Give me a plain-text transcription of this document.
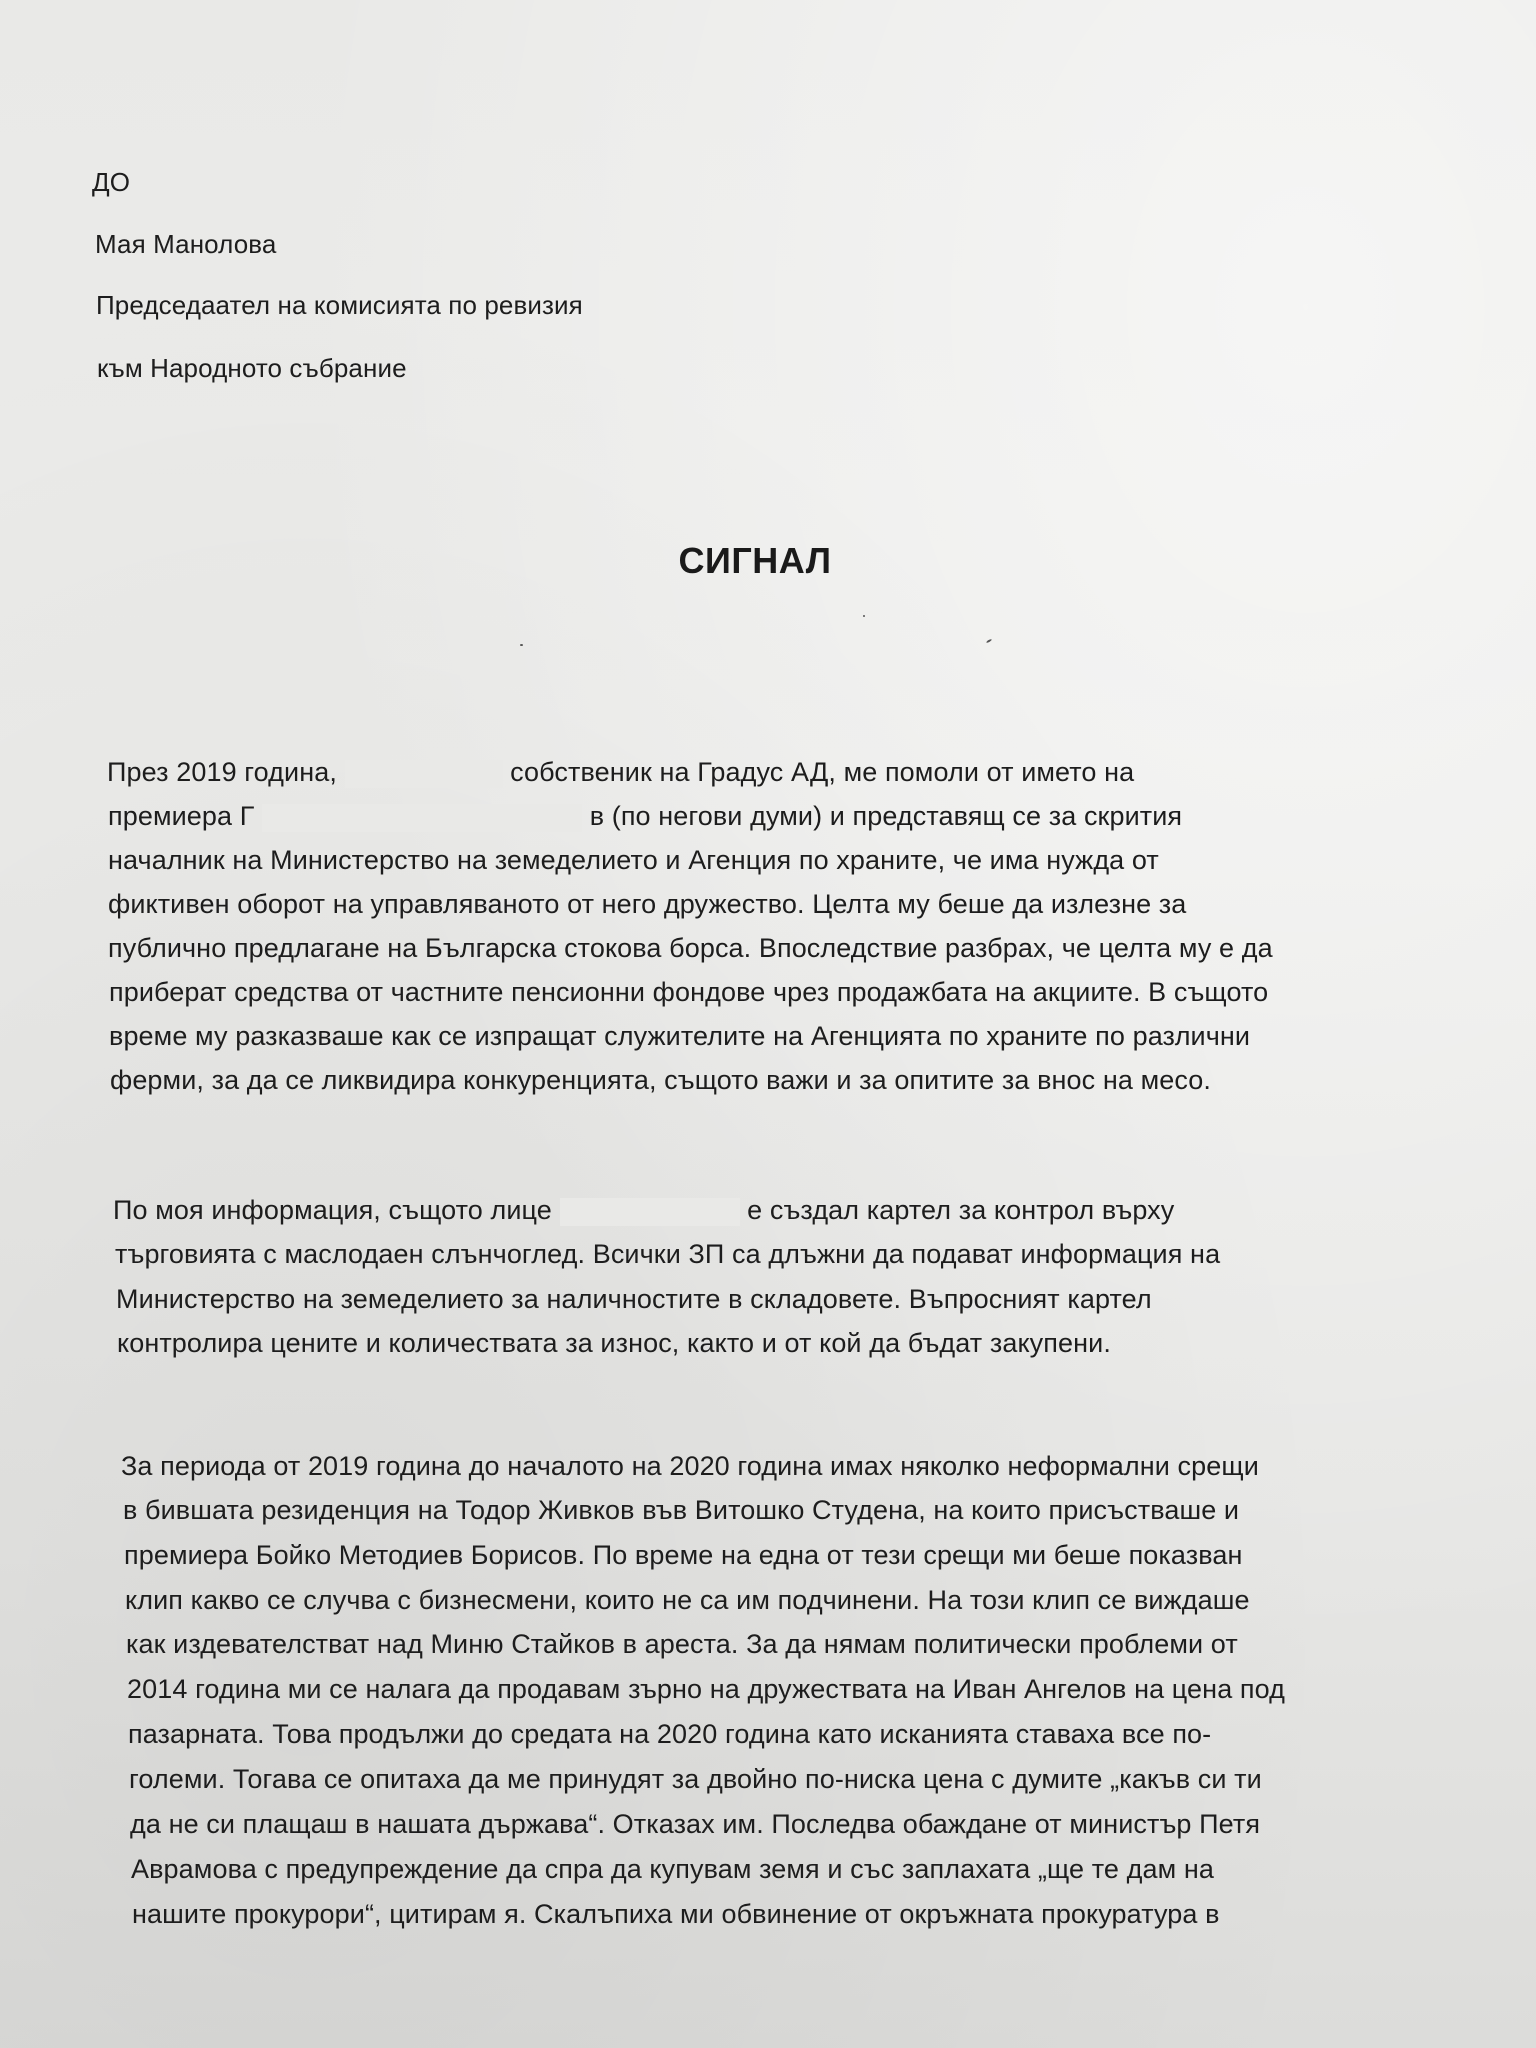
ДО
Мая Манолова
Председаател на комисията по ревизия
към Народното събрание
СИГНАЛ
През 2019 година,	собственик на Градус АД, ме помоли от името на
премиера Г	в (по негови думи) и представящ се за скрития
началник на Министерство на земеделието и Агенция по храните, че има нужда от
фиктивен оборот на управляваното от него дружество. Целта му беше да излезне за
публично предлагане на Българска стокова борса. Впоследствие разбрах, че целта му е да
приберат средства от частните пенсионни фондове чрез продажбата на акциите. В същото
време му разказваше как се изпращат служителите на Агенцията по храните по различни
ферми, за да се ликвидира конкуренцията, същото важи и за опитите за внос на месо.
По моя информация, същото лице	е създал картел за контрол върху
търговията с маслодаен слънчоглед. Всички ЗП са длъжни да подават информация на
Министерство на земеделието за наличностите в складовете. Въпросният картел
контролира цените и количествата за износ, както и от кой да бъдат закупени.
За периода от 2019 година до началото на 2020 година имах няколко неформални срещи
в бившата резиденция на Тодор Живков във Витошко Студена, на които присъстваше и
премиера Бойко Методиев Борисов. По време на една от тези срещи ми беше показван
клип какво се случва с бизнесмени, които не са им подчинени. На този клип се виждаше
как издевателстват над Миню Стайков в ареста. За да нямам политически проблеми от
2014 година ми се налага да продавам зърно на дружествата на Иван Ангелов на цена под
пазарната. Това продължи до средата на 2020 година като исканията ставаха все по-
големи. Тогава се опитаха да ме принудят за двойно по-ниска цена с думите „какъв си ти
да не си плащаш в нашата държава“. Отказах им. Последва обаждане от министър Петя
Аврамова с предупреждение да спра да купувам земя и със заплахата „ще те дам на
нашите прокурори“, цитирам я. Скалъпиха ми обвинение от окръжната прокуратура в
